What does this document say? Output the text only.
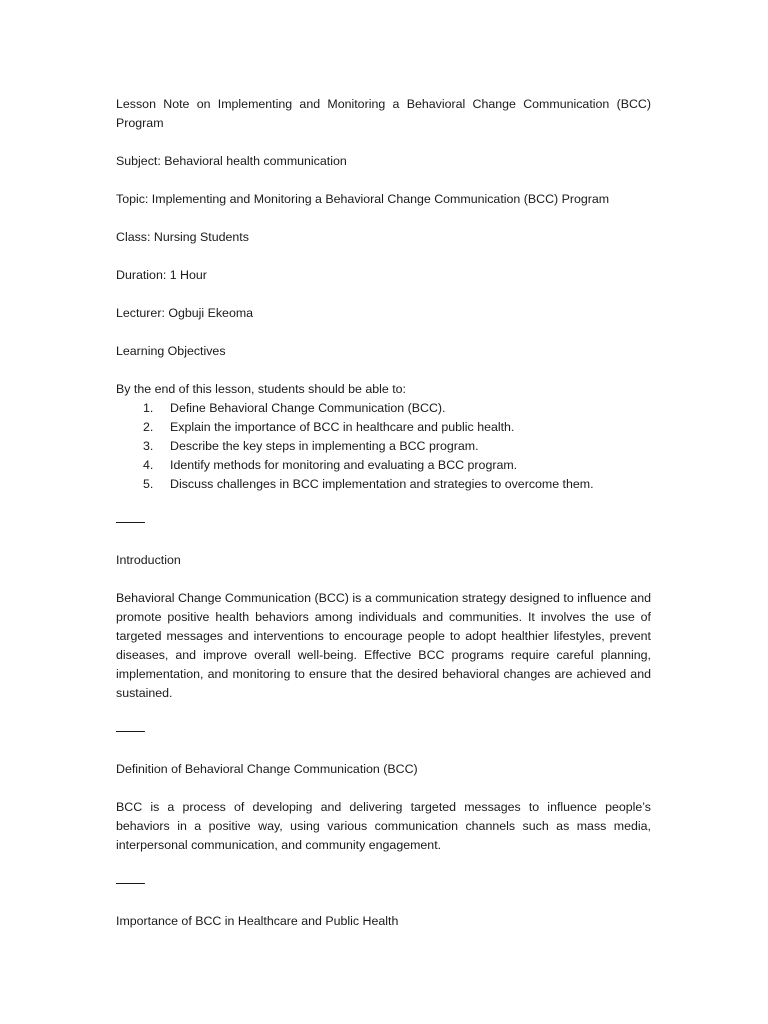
Lesson Note on Implementing and Monitoring a Behavioral Change Communication (BCC) Program

Subject: Behavioral health communication

Topic: Implementing and Monitoring a Behavioral Change Communication (BCC) Program

Class: Nursing Students

Duration: 1 Hour

Lecturer: Ogbuji Ekeoma

Learning Objectives

By the end of this lesson, students should be able to:

1. Define Behavioral Change Communication (BCC).
2. Explain the importance of BCC in healthcare and public health.
3. Describe the key steps in implementing a BCC program.
4. Identify methods for monitoring and evaluating a BCC program.
5. Discuss challenges in BCC implementation and strategies to overcome them.

Introduction

Behavioral Change Communication (BCC) is a communication strategy designed to influence and promote positive health behaviors among individuals and communities. It involves the use of targeted messages and interventions to encourage people to adopt healthier lifestyles, prevent diseases, and improve overall well-being. Effective BCC programs require careful planning, implementation, and monitoring to ensure that the desired behavioral changes are achieved and sustained.

Definition of Behavioral Change Communication (BCC)

BCC is a process of developing and delivering targeted messages to influence people’s behaviors in a positive way, using various communication channels such as mass media, interpersonal communication, and community engagement.

Importance of BCC in Healthcare and Public Health
